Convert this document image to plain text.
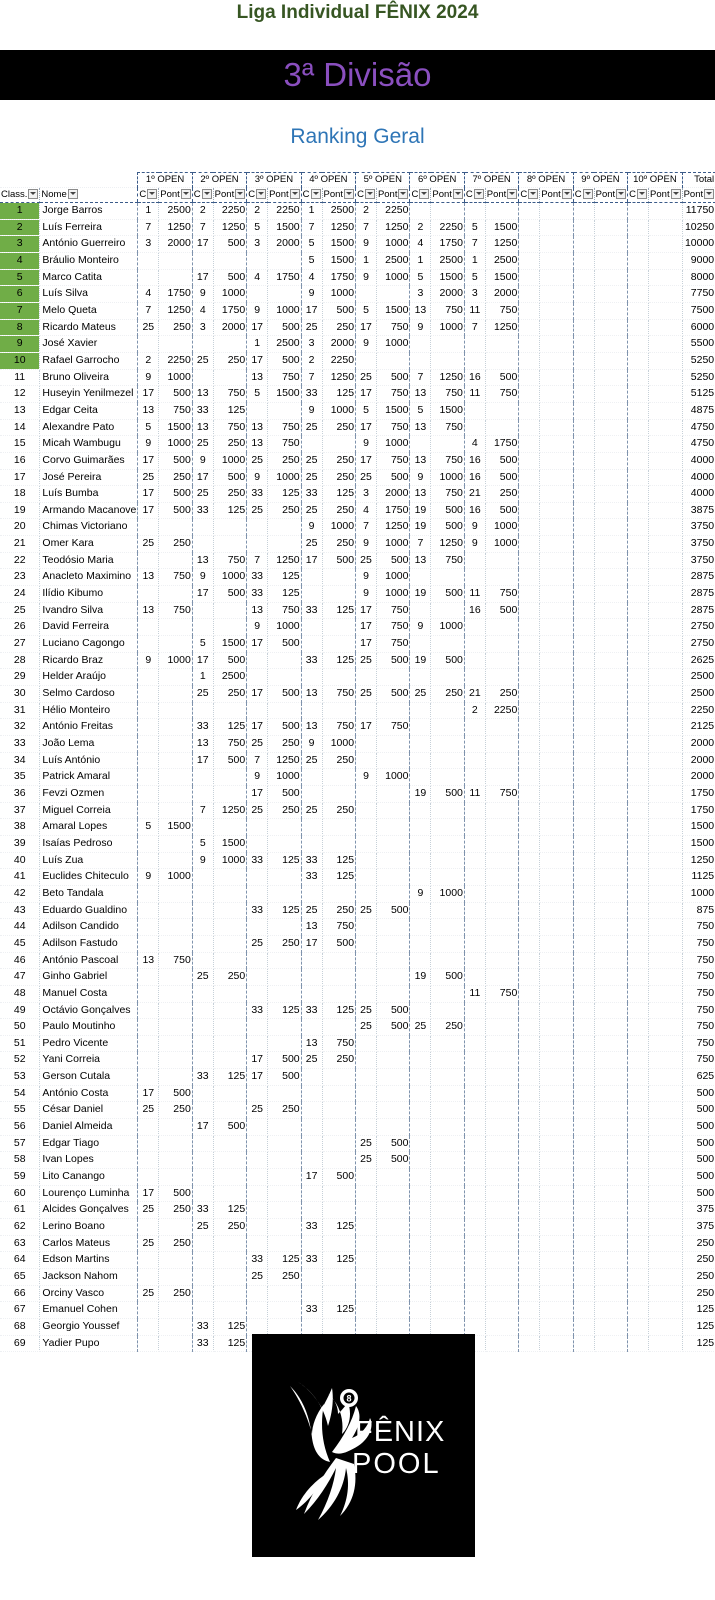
Liga Individual FÊNIX 2024
3ª Divisão
Ranking Geral
		1º OPEN		2º OPEN		3º OPEN		4º OPEN		5º OPEN		6º OPEN		7º OPEN		8º OPEN		9º OPEN		10º OPEN		Total
Class.	Nome	C	Pont	C	Pont	C	Pont	C	Pont	C	Pont	C	Pont	C	Pont	C	Pont	C	Pont	C	Pont	Pont
1	Jorge Barros	1	2500	2	2250	2	2250	1	2500	2	2250											11750
2	Luís Ferreira	7	1250	7	1250	5	1500	7	1250	7	1250	2	2250	5	1500							10250
3	António Guerreiro	3	2000	17	500	3	2000	5	1500	9	1000	4	1750	7	1250							10000
4	Bráulio Monteiro							5	1500	1	2500	1	2500	1	2500							9000
5	Marco Catita			17	500	4	1750	4	1750	9	1000	5	1500	5	1500							8000
6	Luís Silva	4	1750	9	1000			9	1000			3	2000	3	2000							7750
7	Melo Queta	7	1250	4	1750	9	1000	17	500	5	1500	13	750	11	750							7500
8	Ricardo Mateus	25	250	3	2000	17	500	25	250	17	750	9	1000	7	1250							6000
9	José Xavier					1	2500	3	2000	9	1000											5500
10	Rafael Garrocho	2	2250	25	250	17	500	2	2250													5250
11	Bruno Oliveira	9	1000			13	750	7	1250	25	500	7	1250	16	500							5250
12	Huseyin Yenilmezel	17	500	13	750	5	1500	33	125	17	750	13	750	11	750							5125
13	Edgar Ceita	13	750	33	125			9	1000	5	1500	5	1500									4875
14	Alexandre Pato	5	1500	13	750	13	750	25	250	17	750	13	750									4750
15	Micah Wambugu	9	1000	25	250	13	750			9	1000			4	1750							4750
16	Corvo Guimarães	17	500	9	1000	25	250	25	250	17	750	13	750	16	500							4000
17	José Pereira	25	250	17	500	9	1000	25	250	25	500	9	1000	16	500							4000
18	Luís Bumba	17	500	25	250	33	125	33	125	3	2000	13	750	21	250							4000
19	Armando Macanove	17	500	33	125	25	250	25	250	4	1750	19	500	16	500							3875
20	Chimas Victoriano							9	1000	7	1250	19	500	9	1000							3750
21	Omer Kara	25	250					25	250	9	1000	7	1250	9	1000							3750
22	Teodósio Maria			13	750	7	1250	17	500	25	500	13	750									3750
23	Anacleto Maximino	13	750	9	1000	33	125			9	1000											2875
24	Ilídio Kibumo			17	500	33	125			9	1000	19	500	11	750							2875
25	Ivandro Silva	13	750			13	750	33	125	17	750			16	500							2875
26	David Ferreira					9	1000			17	750	9	1000									2750
27	Luciano Cagongo			5	1500	17	500			17	750											2750
28	Ricardo Braz	9	1000	17	500			33	125	25	500	19	500									2625
29	Helder Araújo			1	2500																	2500
30	Selmo Cardoso			25	250	17	500	13	750	25	500	25	250	21	250							2500
31	Hélio Monteiro													2	2250							2250
32	António Freitas			33	125	17	500	13	750	17	750											2125
33	João Lema			13	750	25	250	9	1000													2000
34	Luís António			17	500	7	1250	25	250													2000
35	Patrick Amaral					9	1000			9	1000											2000
36	Fevzi Ozmen					17	500					19	500	11	750							1750
37	Miguel Correia			7	1250	25	250	25	250													1750
38	Amaral Lopes	5	1500																			1500
39	Isaías Pedroso			5	1500																	1500
40	Luís Zua			9	1000	33	125	33	125													1250
41	Euclides Chiteculo	9	1000					33	125													1125
42	Beto Tandala											9	1000									1000
43	Eduardo Gualdino					33	125	25	250	25	500											875
44	Adilson Candido							13	750													750
45	Adilson Fastudo					25	250	17	500													750
46	António Pascoal	13	750																			750
47	Ginho Gabriel			25	250							19	500									750
48	Manuel Costa													11	750							750
49	Octávio Gonçalves					33	125	33	125	25	500											750
50	Paulo Moutinho									25	500	25	250									750
51	Pedro Vicente							13	750													750
52	Yani Correia					17	500	25	250													750
53	Gerson Cutala			33	125	17	500															625
54	António Costa	17	500																			500
55	César Daniel	25	250			25	250															500
56	Daniel Almeida			17	500																	500
57	Edgar Tiago									25	500											500
58	Ivan Lopes									25	500											500
59	Lito Canango							17	500													500
60	Lourenço Luminha	17	500																			500
61	Alcides Gonçalves	25	250	33	125																	375
62	Lerino Boano			25	250			33	125													375
63	Carlos Mateus	25	250																			250
64	Edson Martins					33	125	33	125													250
65	Jackson Nahom					25	250															250
66	Orciny Vasco	25	250																			250
67	Emanuel Cohen							33	125													125
68	Georgio Youssef			33	125																	125
69	Yadier Pupo			33	125																	125
8
FÊNIX
POOL
